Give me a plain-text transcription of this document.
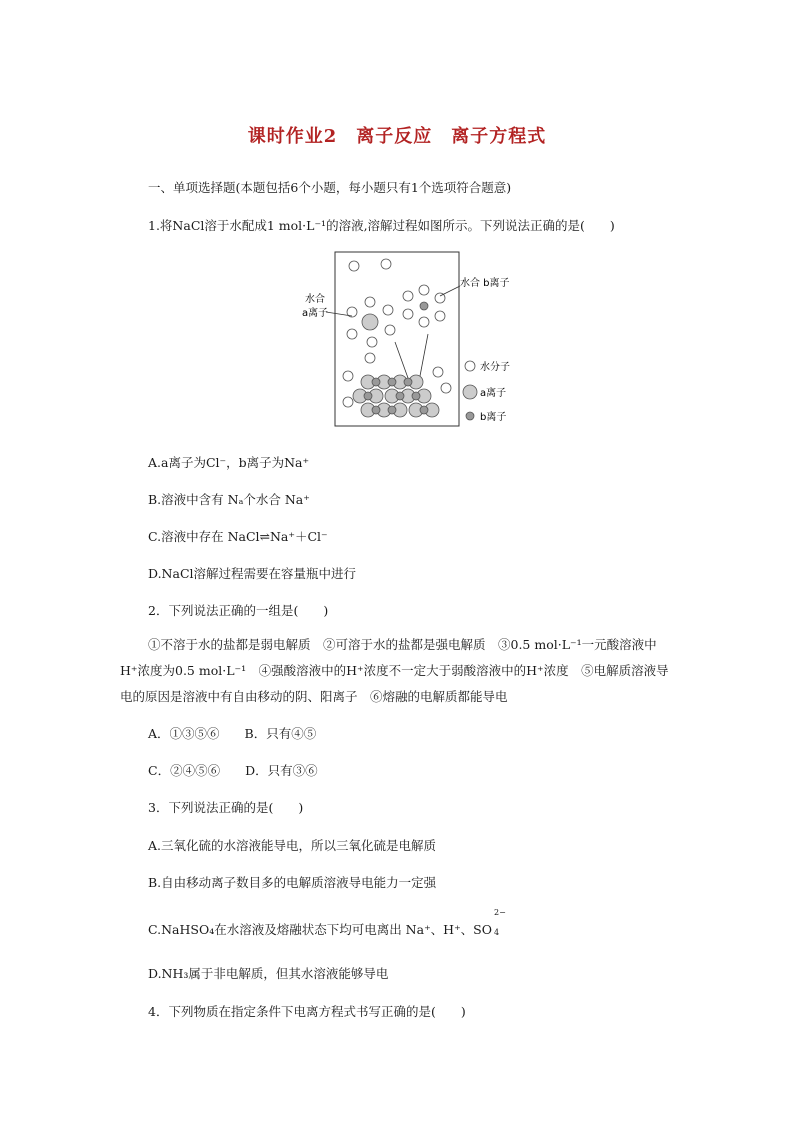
课时作业2　离子反应　离子方程式
一、单项选择题(本题包括6个小题，每小题只有1个选项符合题意)
1.将NaCl溶于水配成1 mol·L⁻¹的溶液,溶解过程如图所示。下列说法正确的是(　　)
水合
a离子
水合 b离子
水分子
a离子
b离子
A.a离子为Cl⁻，b离子为Na⁺
B.溶液中含有 Nₐ个水合 Na⁺
C.溶液中存在 NaCl⇌Na⁺＋Cl⁻
D.NaCl溶解过程需要在容量瓶中进行
2．下列说法正确的一组是(　　)
①不溶于水的盐都是弱电解质　②可溶于水的盐都是强电解质　③0.5 mol·L⁻¹一元酸溶液中 H⁺浓度为0.5 mol·L⁻¹　④强酸溶液中的H⁺浓度不一定大于弱酸溶液中的H⁺浓度　⑤电解质溶液导电的原因是溶液中有自由移动的阴、阳离子　⑥熔融的电解质都能导电
A．①③⑤⑥　　B．只有④⑤
C．②④⑤⑥　　D．只有③⑥
3．下列说法正确的是(　　)
A.三氧化硫的水溶液能导电，所以三氧化硫是电解质
B.自由移动离子数目多的电解质溶液导电能力一定强
C.NaHSO₄在水溶液及熔融状态下均可电离出 Na⁺、H⁺、SO
2−
4
D.NH₃属于非电解质，但其水溶液能够导电
4．下列物质在指定条件下电离方程式书写正确的是(　　)
